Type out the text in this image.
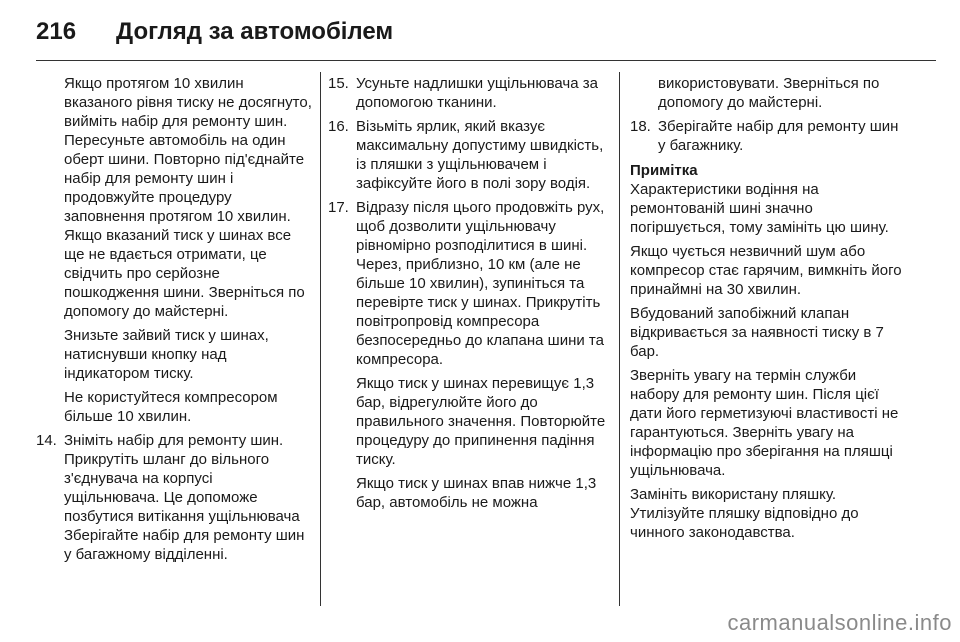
216 Догляд за автомобілем

Якщо протягом 10 хвилин вказаного рівня тиску не досягнуто, вийміть набір для ремонту шин. Пересуньте автомобіль на один оберт шини. Повторно під'єднайте набір для ремонту шин і продовжуйте процедуру заповнення протягом 10 хвилин. Якщо вказаний тиск у шинах все ще не вдається отримати, це свідчить про серйозне пошкодження шини. Зверніться по допомогу до майстерні.

Знизьте зайвий тиск у шинах, натиснувши кнопку над індикатором тиску.

Не користуйтеся компресором більше 10 хвилин.

14. Зніміть набір для ремонту шин. Прикрутіть шланг до вільного з'єднувача на корпусі ущільнювача. Це допоможе позбутися витікання ущільнювача Зберігайте набір для ремонту шин у багажному відділенні.
15. Усуньте надлишки ущільнювача за допомогою тканини.
16. Візьміть ярлик, який вказує максимальну допустиму швидкість, із пляшки з ущільнювачем і зафіксуйте його в полі зору водія.
17. Відразу після цього продовжіть рух, щоб дозволити ущільнювачу рівномірно розподілитися в шині. Через, приблизно, 10 км (але не більше 10 хвилин), зупиніться та перевірте тиск у шинах. Прикрутіть повітропровід компресора безпосередньо до клапана шини та компресора.

Якщо тиск у шинах перевищує 1,3 бар, відрегулюйте його до правильного значення. Повторюйте процедуру до припинення падіння тиску.

Якщо тиск у шинах впав нижче 1,3 бар, автомобіль не можна

використовувати. Зверніться по допомогу до майстерні.

18. Зберігайте набір для ремонту шин у багажнику.

Примітка

Характеристики водіння на ремонтованій шині значно погіршується, тому замініть цю шину.

Якщо чується незвичний шум або компресор стає гарячим, вимкніть його принаймні на 30 хвилин.

Вбудований запобіжний клапан відкривається за наявності тиску в 7 бар.

Зверніть увагу на термін служби набору для ремонту шин. Після цієї дати його герметизуючі властивості не гарантуються. Зверніть увагу на інформацію про зберігання на пляшці ущільнювача.

Замініть використану пляшку. Утилізуйте пляшку відповідно до чинного законодавства.

carmanualsonline.info
